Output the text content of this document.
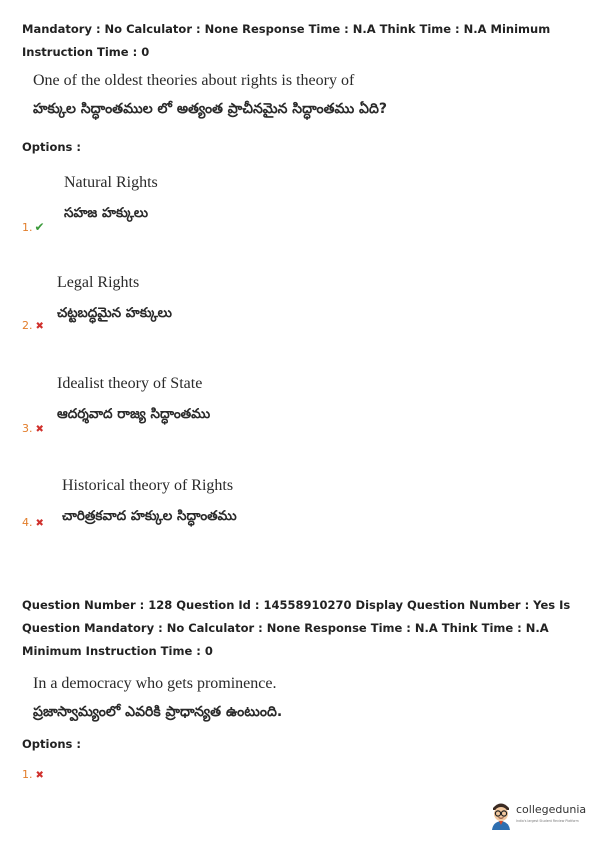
Mandatory : No Calculator : None Response Time : N.A Think Time : N.A Minimum Instruction Time : 0
One of the oldest theories about rights is theory of
హక్కుల సిద్ధాంతముల లో అత్యంత ప్రాచీనమైన సిద్ధాంతము ఏది?
Options :
Natural Rights
సహజ హక్కులు
1. ✔
Legal Rights
చట్టబద్ధమైన హక్కులు
2. ✖
Idealist theory of State
ఆదర్శవాద రాజ్య సిద్ధాంతము
3. ✖
Historical theory of Rights
చారిత్రకవాద హక్కుల సిద్ధాంతము
4. ✖
Question Number : 128 Question Id : 14558910270 Display Question Number : Yes Is Question Mandatory : No Calculator : None Response Time : N.A Think Time : N.A Minimum Instruction Time : 0
In a democracy who gets prominence.
ప్రజాస్వామ్యంలో ఎవరికి ప్రాధాన్యత ఉంటుంది.
Options :
1. ✖
collegedunia
India's largest Student Review Platform
